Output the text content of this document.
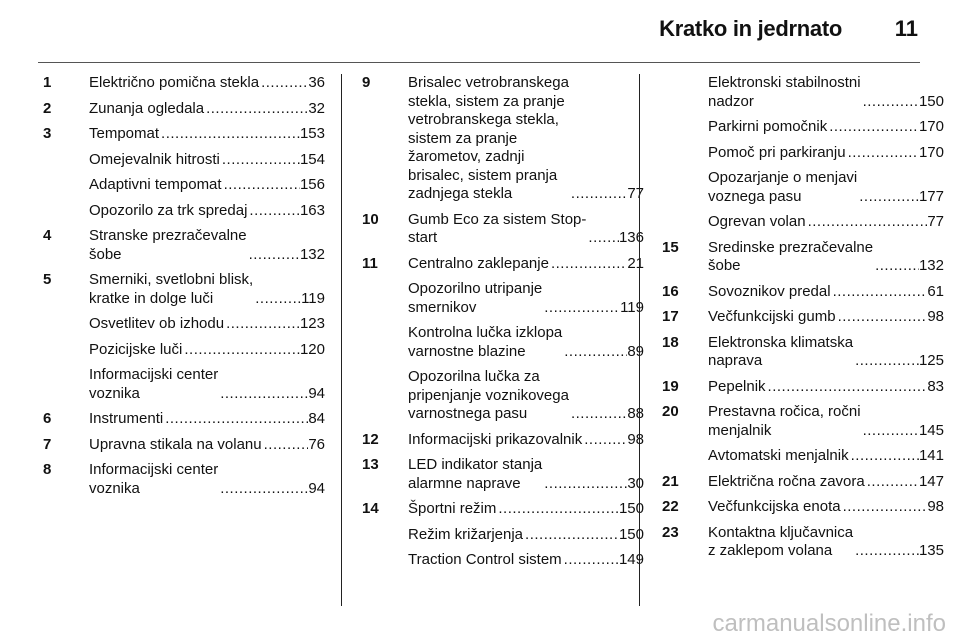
Kratko in jedrnato 11
1	Električno pomična stekla .....	36
2	Zunanja ogledala .....	32
3	Tempomat .....	153
Omejevalnik hitrosti .....	154
Adaptivni tempomat .....	156
Opozorilo za trk spredaj .....	163
4	Stranske prezračevalne
šobe .....	132
5	Smerniki, svetlobni blisk,
kratke in dolge luči .....	119
Osvetlitev ob izhodu .....	123
Pozicijske luči .....	120
Informacijski center
voznika .....	94
6	Instrumenti .....	84
7	Upravna stikala na volanu .....	76
8	Informacijski center
voznika .....	94
9	Brisalec vetrobranskega
stekla, sistem za pranje
vetrobranskega stekla,
sistem za pranje
žarometov, zadnji
brisalec, sistem pranja
zadnjega stekla .....	77
10	Gumb Eco za sistem Stop-
start .....	136
11	Centralno zaklepanje .....	21
Opozorilno utripanje
smernikov .....	119
Kontrolna lučka izklopa
varnostne blazine .....	89
Opozorilna lučka za
pripenjanje voznikovega
varnostnega pasu .....	88
12	Informacijski prikazovalnik .....	98
13	LED indikator stanja
alarmne naprave .....	30
14	Športni režim .....	150
Režim križarjenja .....	150
Traction Control sistem .....	149
Elektronski stabilnostni
nadzor .....	150
Parkirni pomočnik .....	170
Pomoč pri parkiranju .....	170
Opozarjanje o menjavi
voznega pasu .....	177
Ogrevan volan .....	77
15	Sredinske prezračevalne
šobe .....	132
16	Sovoznikov predal .....	61
17	Večfunkcijski gumb .....	98
18	Elektronska klimatska
naprava .....	125
19	Pepelnik .....	83
20	Prestavna ročica, ročni
menjalnik .....	145
Avtomatski menjalnik .....	141
21	Električna ročna zavora .....	147
22	Večfunkcijska enota .....	98
23	Kontaktna ključavnica
z zaklepom volana .....	135
carmanualsonline.info
